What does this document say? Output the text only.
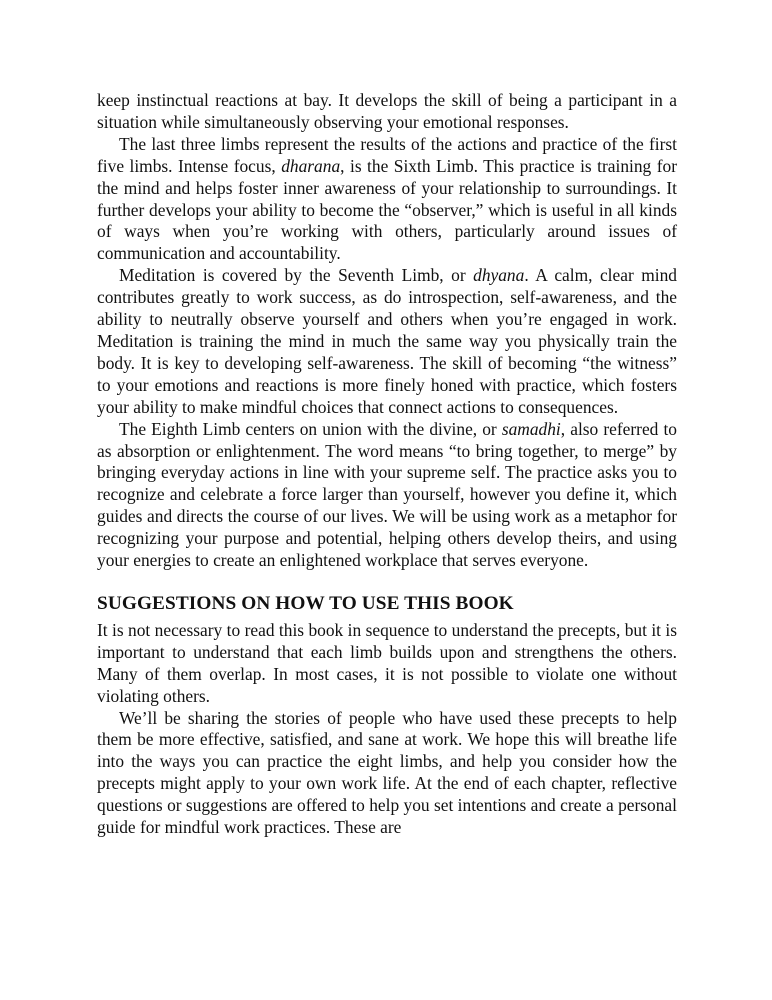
keep instinctual reactions at bay. It develops the skill of being a participant in a situation while simultaneously observing your emotional responses.

The last three limbs represent the results of the actions and practice of the first five limbs. Intense focus, dharana, is the Sixth Limb. This practice is training for the mind and helps foster inner awareness of your relationship to surroundings. It further develops your ability to become the “observer,” which is useful in all kinds of ways when you’re working with others, particularly around issues of communication and accountability.

Meditation is covered by the Seventh Limb, or dhyana. A calm, clear mind contributes greatly to work success, as do introspection, self-awareness, and the ability to neutrally observe yourself and others when you’re engaged in work. Meditation is training the mind in much the same way you physically train the body. It is key to developing self-awareness. The skill of becoming “the witness” to your emotions and reactions is more finely honed with practice, which fosters your ability to make mindful choices that connect actions to consequences.

The Eighth Limb centers on union with the divine, or samadhi, also referred to as absorption or enlightenment. The word means “to bring together, to merge” by bringing everyday actions in line with your supreme self. The practice asks you to recognize and celebrate a force larger than yourself, however you define it, which guides and directs the course of our lives. We will be using work as a metaphor for recognizing your purpose and potential, helping others develop theirs, and using your energies to create an enlightened workplace that serves everyone.

SUGGESTIONS ON HOW TO USE THIS BOOK

It is not necessary to read this book in sequence to understand the precepts, but it is important to understand that each limb builds upon and strengthens the others. Many of them overlap. In most cases, it is not possible to violate one without violating others.

We’ll be sharing the stories of people who have used these precepts to help them be more effective, satisfied, and sane at work. We hope this will breathe life into the ways you can practice the eight limbs, and help you consider how the precepts might apply to your own work life. At the end of each chapter, reflective questions or suggestions are offered to help you set intentions and create a personal guide for mindful work practices. These are
